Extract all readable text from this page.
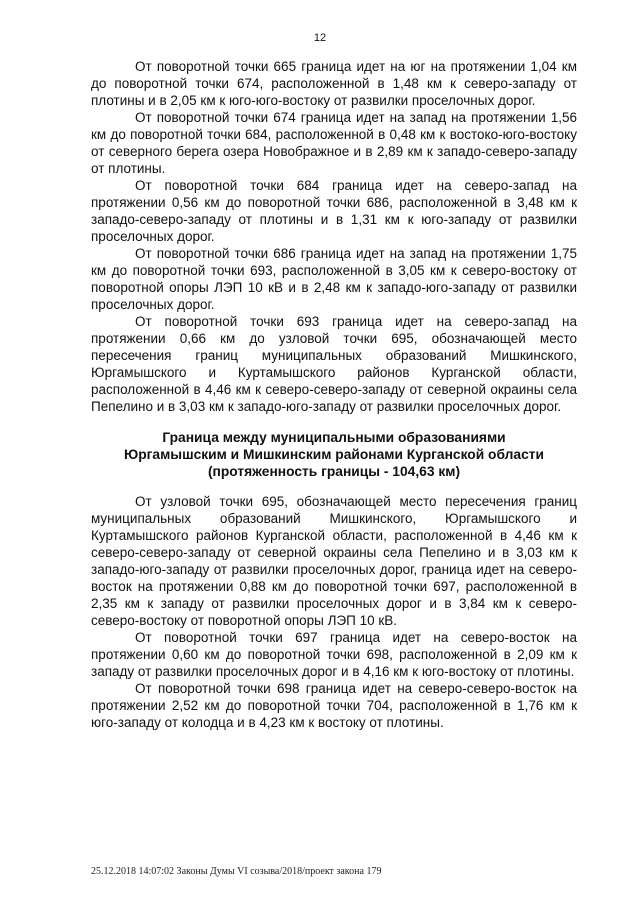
12

От поворотной точки 665 граница идет на юг на протяжении 1,04 км до поворотной точки 674, расположенной в 1,48 км к северо-западу от плотины и в 2,05 км к юго-юго-востоку от развилки проселочных дорог.

От поворотной точки 674 граница идет на запад на протяжении 1,56 км до поворотной точки 684, расположенной в 0,48 км к востоко-юго-востоку от северного берега озера Новображное и в 2,89 км к западо-северо-западу от плотины.

От поворотной точки 684 граница идет на северо-запад на протяжении 0,56 км до поворотной точки 686, расположенной в 3,48 км к западо-северо-западу от плотины и в 1,31 км к юго-западу от развилки проселочных дорог.

От поворотной точки 686 граница идет на запад на протяжении 1,75 км до поворотной точки 693, расположенной в 3,05 км к северо-востоку от поворотной опоры ЛЭП 10 кВ и в 2,48 км к западо-юго-западу от развилки проселочных дорог.

От поворотной точки 693 граница идет на северо-запад на протяжении 0,66 км до узловой точки 695, обозначающей место пересечения границ муниципальных образований Мишкинского, Юргамышского и Куртамышского районов Курганской области, расположенной в 4,46 км к северо-северо-западу от северной окраины села Пепелино и в 3,03 км к западо-юго-западу от развилки проселочных дорог.

Граница между муниципальными образованиями
Юргамышским и Мишкинским районами Курганской области
(протяженность границы - 104,63 км)

От узловой точки 695, обозначающей место пересечения границ муниципальных образований Мишкинского, Юргамышского и Куртамышского районов Курганской области, расположенной в 4,46 км к северо-северо-западу от северной окраины села Пепелино и в 3,03 км к западо-юго-западу от развилки проселочных дорог, граница идет на северо-восток на протяжении 0,88 км до поворотной точки 697, расположенной в 2,35 км к западу от развилки проселочных дорог и в 3,84 км к северо-северо-востоку от поворотной опоры ЛЭП 10 кВ.

От поворотной точки 697 граница идет на северо-восток на протяжении 0,60 км до поворотной точки 698, расположенной в 2,09 км к западу от развилки проселочных дорог и в 4,16 км к юго-востоку от плотины.

От поворотной точки 698 граница идет на северо-северо-восток на протяжении 2,52 км до поворотной точки 704, расположенной в 1,76 км к юго-западу от колодца и в 4,23 км к востоку от плотины.

25.12.2018 14:07:02 Законы Думы VI созыва/2018/проект закона 179
